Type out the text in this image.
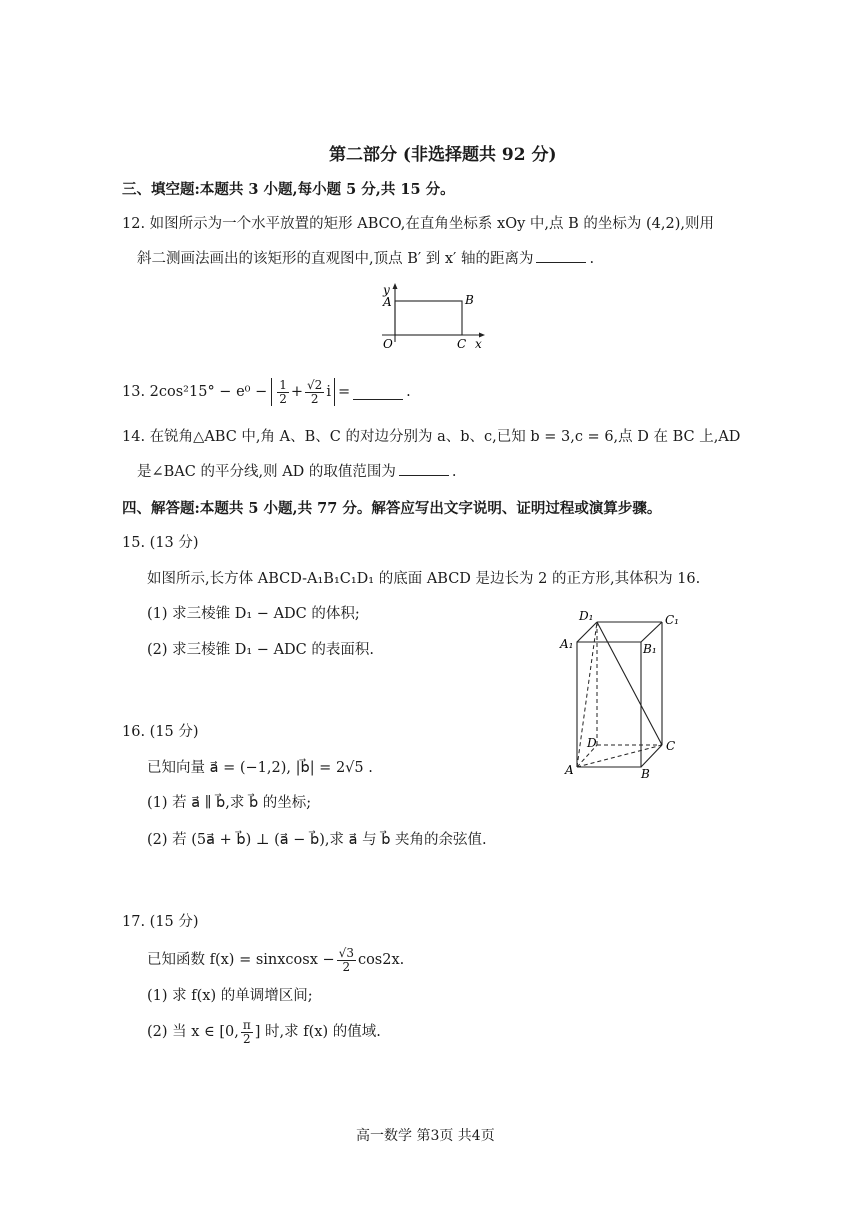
第二部分 (非选择题共 92 分)
三、填空题:本题共 3 小题,每小题 5 分,共 15 分。
12. 如图所示为一个水平放置的矩形 ABCO,在直角坐标系 xOy 中,点 B 的坐标为 (4,2),则用
斜二测画法画出的该矩形的直观图中,顶点 B′ 到 x′ 轴的距离为	.
y
A	B
O	C x
13. $2\cos^215^\circ - e^0 - \frac{1}{2} + \frac{√2}{2}$ i =	.
14. 在锐角△ABC 中,角 A、B、C 的对边分别为 a、b、c,已知 b = 3,c = 6,点 D 在 BC 上,AD
是∠BAC 的平分线,则 AD 的取值范围为	.
四、解答题:本题共 5 小题,共 77 分。解答应写出文字说明、证明过程或演算步骤。
15. (13 分)
如图所示,长方体 ABCD-A₁B₁C₁D₁ 的底面 ABCD 是边长为 2 的正方形,其体积为 16.
(1) 求三棱锥 D₁ − ADC 的体积;
(2) 求三棱锥 D₁ − ADC 的表面积.
D₁	C₁
A₁	B₁
D	C
A	B
16. (15 分)
已知向量 a⃗ = (−1,2), |b⃗| = 2√5 .
(1) 若 a⃗ ∥ b⃗,求 b⃗ 的坐标;
(2) 若 (5a⃗ + b⃗) ⊥ (a⃗ − b⃗),求 a⃗ 与 b⃗ 夹角的余弦值.
17. (15 分)
已知函数 f(x) = sinxcosx − $\frac{√3}{2} \cos 2x$.
(1) 求 f(x) 的单调增区间;
(2) 当 x ∈ [0, $\frac{\pi}{2}$ ] 时,求 f(x) 的值域.
高一数学 第3页 共4页
